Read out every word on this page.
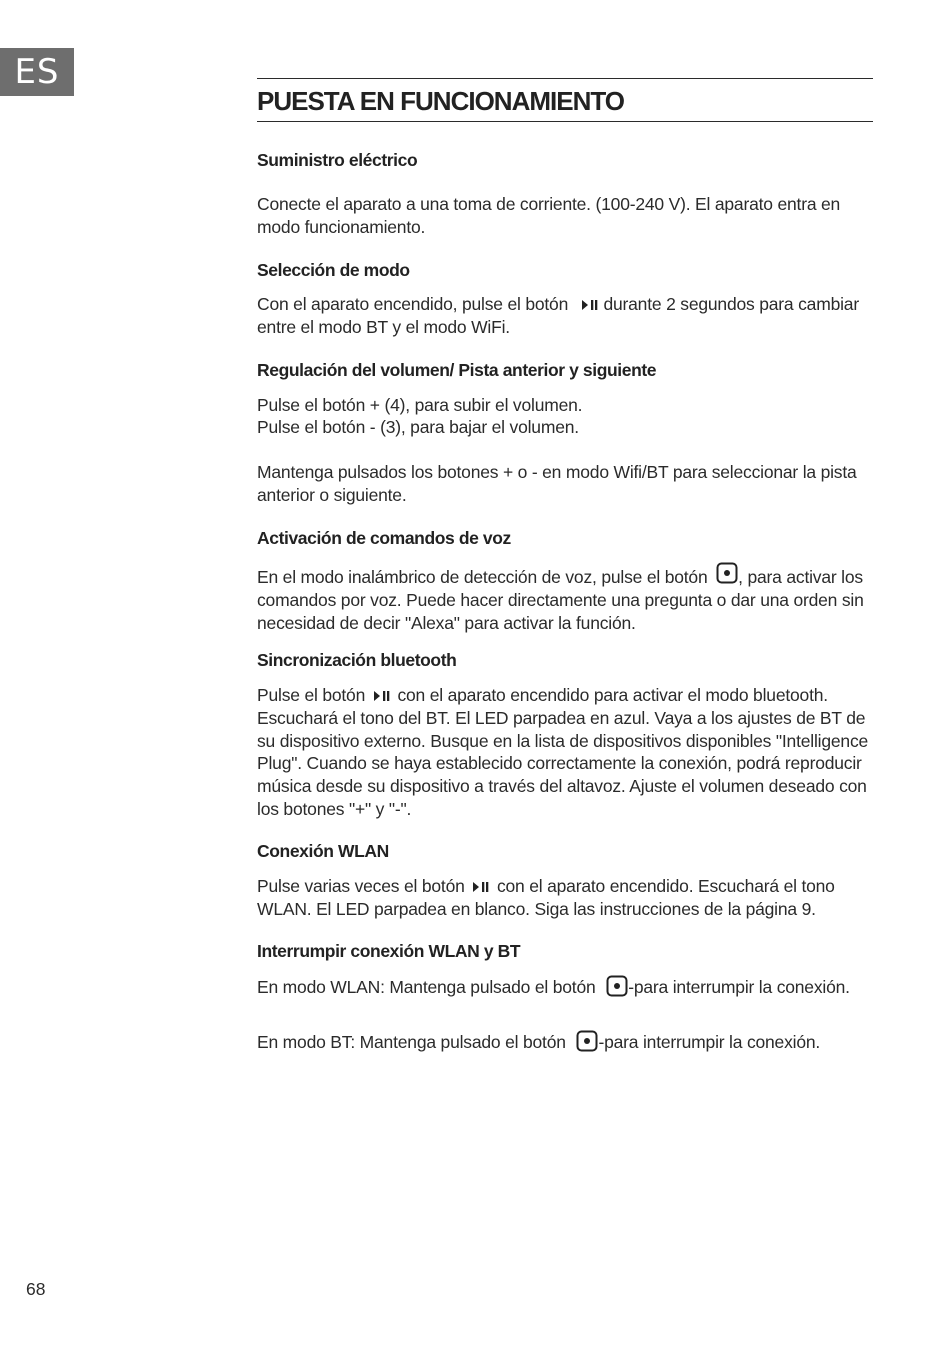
ES
PUESTA EN FUNCIONAMIENTO
Suministro eléctrico

Conecte el aparato a una toma de corriente. (100-240 V). El aparato entra en modo funcionamiento.

Selección de modo

Con el aparato encendido, pulse el botón
durante 2 segundos para cambiar entre el modo BT y el modo WiFi.

Regulación del volumen/ Pista anterior y siguiente

Pulse el botón + (4), para subir el volumen.

Pulse el botón - (3), para bajar el volumen.

Mantenga pulsados los botones + o - en modo Wifi/BT para seleccionar la pista anterior o siguiente.

Activación de comandos de voz

En el modo inalámbrico de detección de voz, pulse el botón
, para activar los comandos por voz. Puede hacer directamente una pregunta o dar una orden sin necesidad de decir "Alexa" para activar la función.

Sincronización bluetooth

Pulse el botón
con el aparato encendido para activar el modo bluetooth. Escuchará el tono del BT. El LED parpadea en azul. Vaya a los ajustes de BT de su dispositivo externo. Busque en la lista de dispositivos disponibles "Intelligence Plug". Cuando se haya establecido correctamente la conexión, podrá reproducir música desde su dispositivo a través del altavoz. Ajuste el volumen deseado con los botones "+" y "-".

Conexión WLAN

Pulse varias veces el botón
con el aparato encendido. Escuchará el tono WLAN. El LED parpadea en blanco. Siga las instrucciones de la página 9.

Interrumpir conexión WLAN y BT

En modo WLAN: Mantenga pulsado el botón
-para interrumpir la conexión.

En modo BT: Mantenga pulsado el botón
-para interrumpir la conexión.

68
